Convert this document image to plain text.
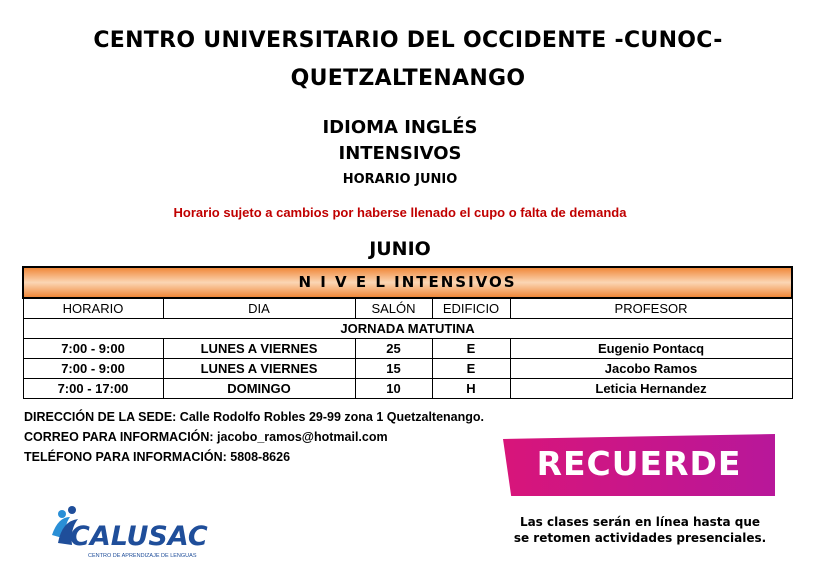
CENTRO UNIVERSITARIO DEL OCCIDENTE -CUNOC-
QUETZALTENANGO
IDIOMA INGLÉS
INTENSIVOS
HORARIO JUNIO
Horario sujeto a cambios por haberse llenado el cupo o falta de demanda
JUNIO
N I V E L INTENSIVOS				
HORARIO	DIA	SALÓN	EDIFICIO	PROFESOR
JORNADA MATUTINA				
7:00 - 9:00	LUNES A VIERNES	25	E	Eugenio Pontacq
7:00 - 9:00	LUNES A VIERNES	15	E	Jacobo Ramos
7:00 - 17:00	DOMINGO	10	H	Leticia Hernandez
DIRECCIÓN DE LA SEDE: Calle Rodolfo Robles 29-99 zona 1 Quetzaltenango.
CORREO PARA INFORMACIÓN: jacobo_ramos@hotmail.com
TELÉFONO PARA INFORMACIÓN: 5808-8626	RECUERDE
Las clases serán en línea hasta que
se retomen actividades presenciales.
CALUSAC
CENTRO DE APRENDIZAJE DE LENGUAS
